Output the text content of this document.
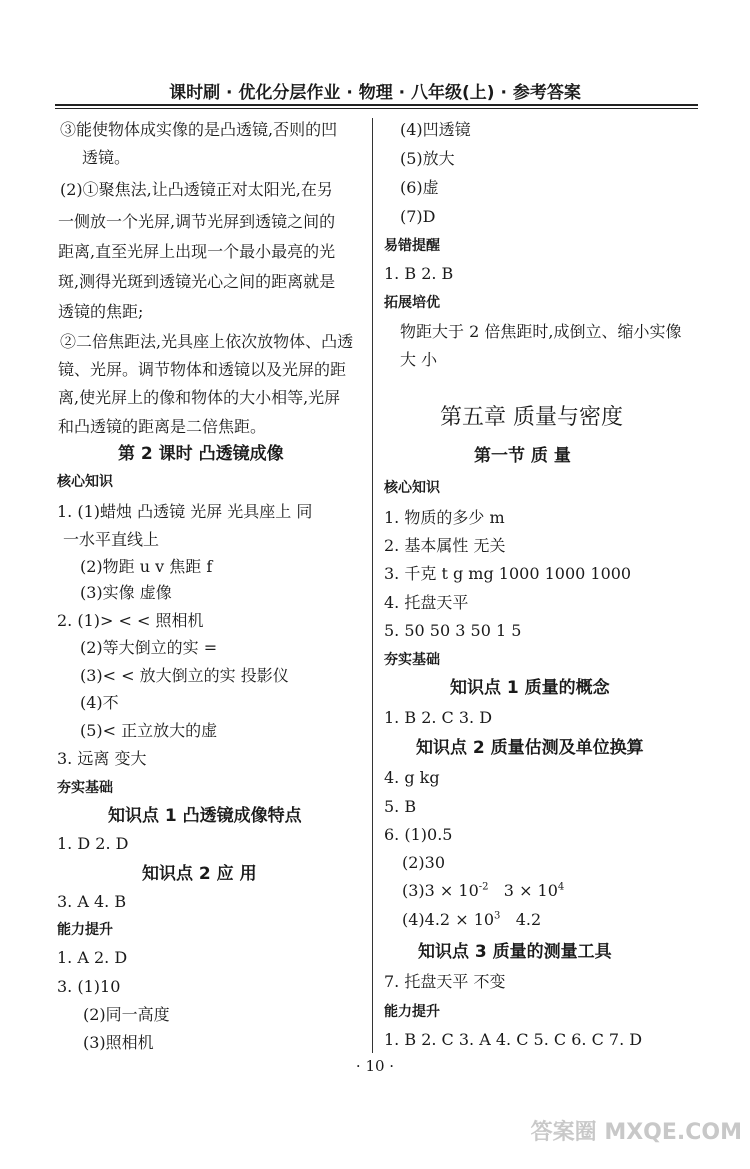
课时刷 · 优化分层作业 · 物理 · 八年级(上) · 参考答案
③能使物体成实像的是凸透镜,否则的凹
透镜。
(2)①聚焦法,让凸透镜正对太阳光,在另
一侧放一个光屏,调节光屏到透镜之间的
距离,直至光屏上出现一个最小最亮的光
斑,测得光斑到透镜光心之间的距离就是
透镜的焦距;
②二倍焦距法,光具座上依次放物体、凸透
镜、光屏。调节物体和透镜以及光屏的距
离,使光屏上的像和物体的大小相等,光屏
和凸透镜的距离是二倍焦距。
第 2 课时 凸透镜成像
核心知识
1. (1)蜡烛 凸透镜 光屏 光具座上 同
一水平直线上
(2)物距 u v 焦距 f
(3)实像 虚像
2. (1)> < < 照相机
(2)等大倒立的实 =
(3)< < 放大倒立的实 投影仪
(4)不
(5)< 正立放大的虚
3. 远离 变大
夯实基础
知识点 1 凸透镜成像特点
1. D 2. D
知识点 2 应 用
3. A 4. B
能力提升
1. A 2. D
3. (1)10
(2)同一高度
(3)照相机
(4)凹透镜
(5)放大
(6)虚
(7)D
易错提醒
1. B 2. B
拓展培优
物距大于 2 倍焦距时,成倒立、缩小实像
大 小
第五章 质量与密度
第一节 质 量
核心知识
1. 物质的多少 m
2. 基本属性 无关
3. 千克 t g mg 1000 1000 1000
4. 托盘天平
5. 50 50 3 50 1 5
夯实基础
知识点 1 质量的概念
1. B 2. C 3. D
知识点 2 质量估测及单位换算
4. g kg
5. B
6. (1)0.5
(2)30
$(3)3 \times 10^{-2}$ $3 \times 10^4$
$(4)4.2 \times 10^3$ 4.2
知识点 3 质量的测量工具
7. 托盘天平 不变
能力提升
1. B 2. C 3. A 4. C 5. C 6. C 7. D
· 10 ·
答案圈 MXQE.COM
